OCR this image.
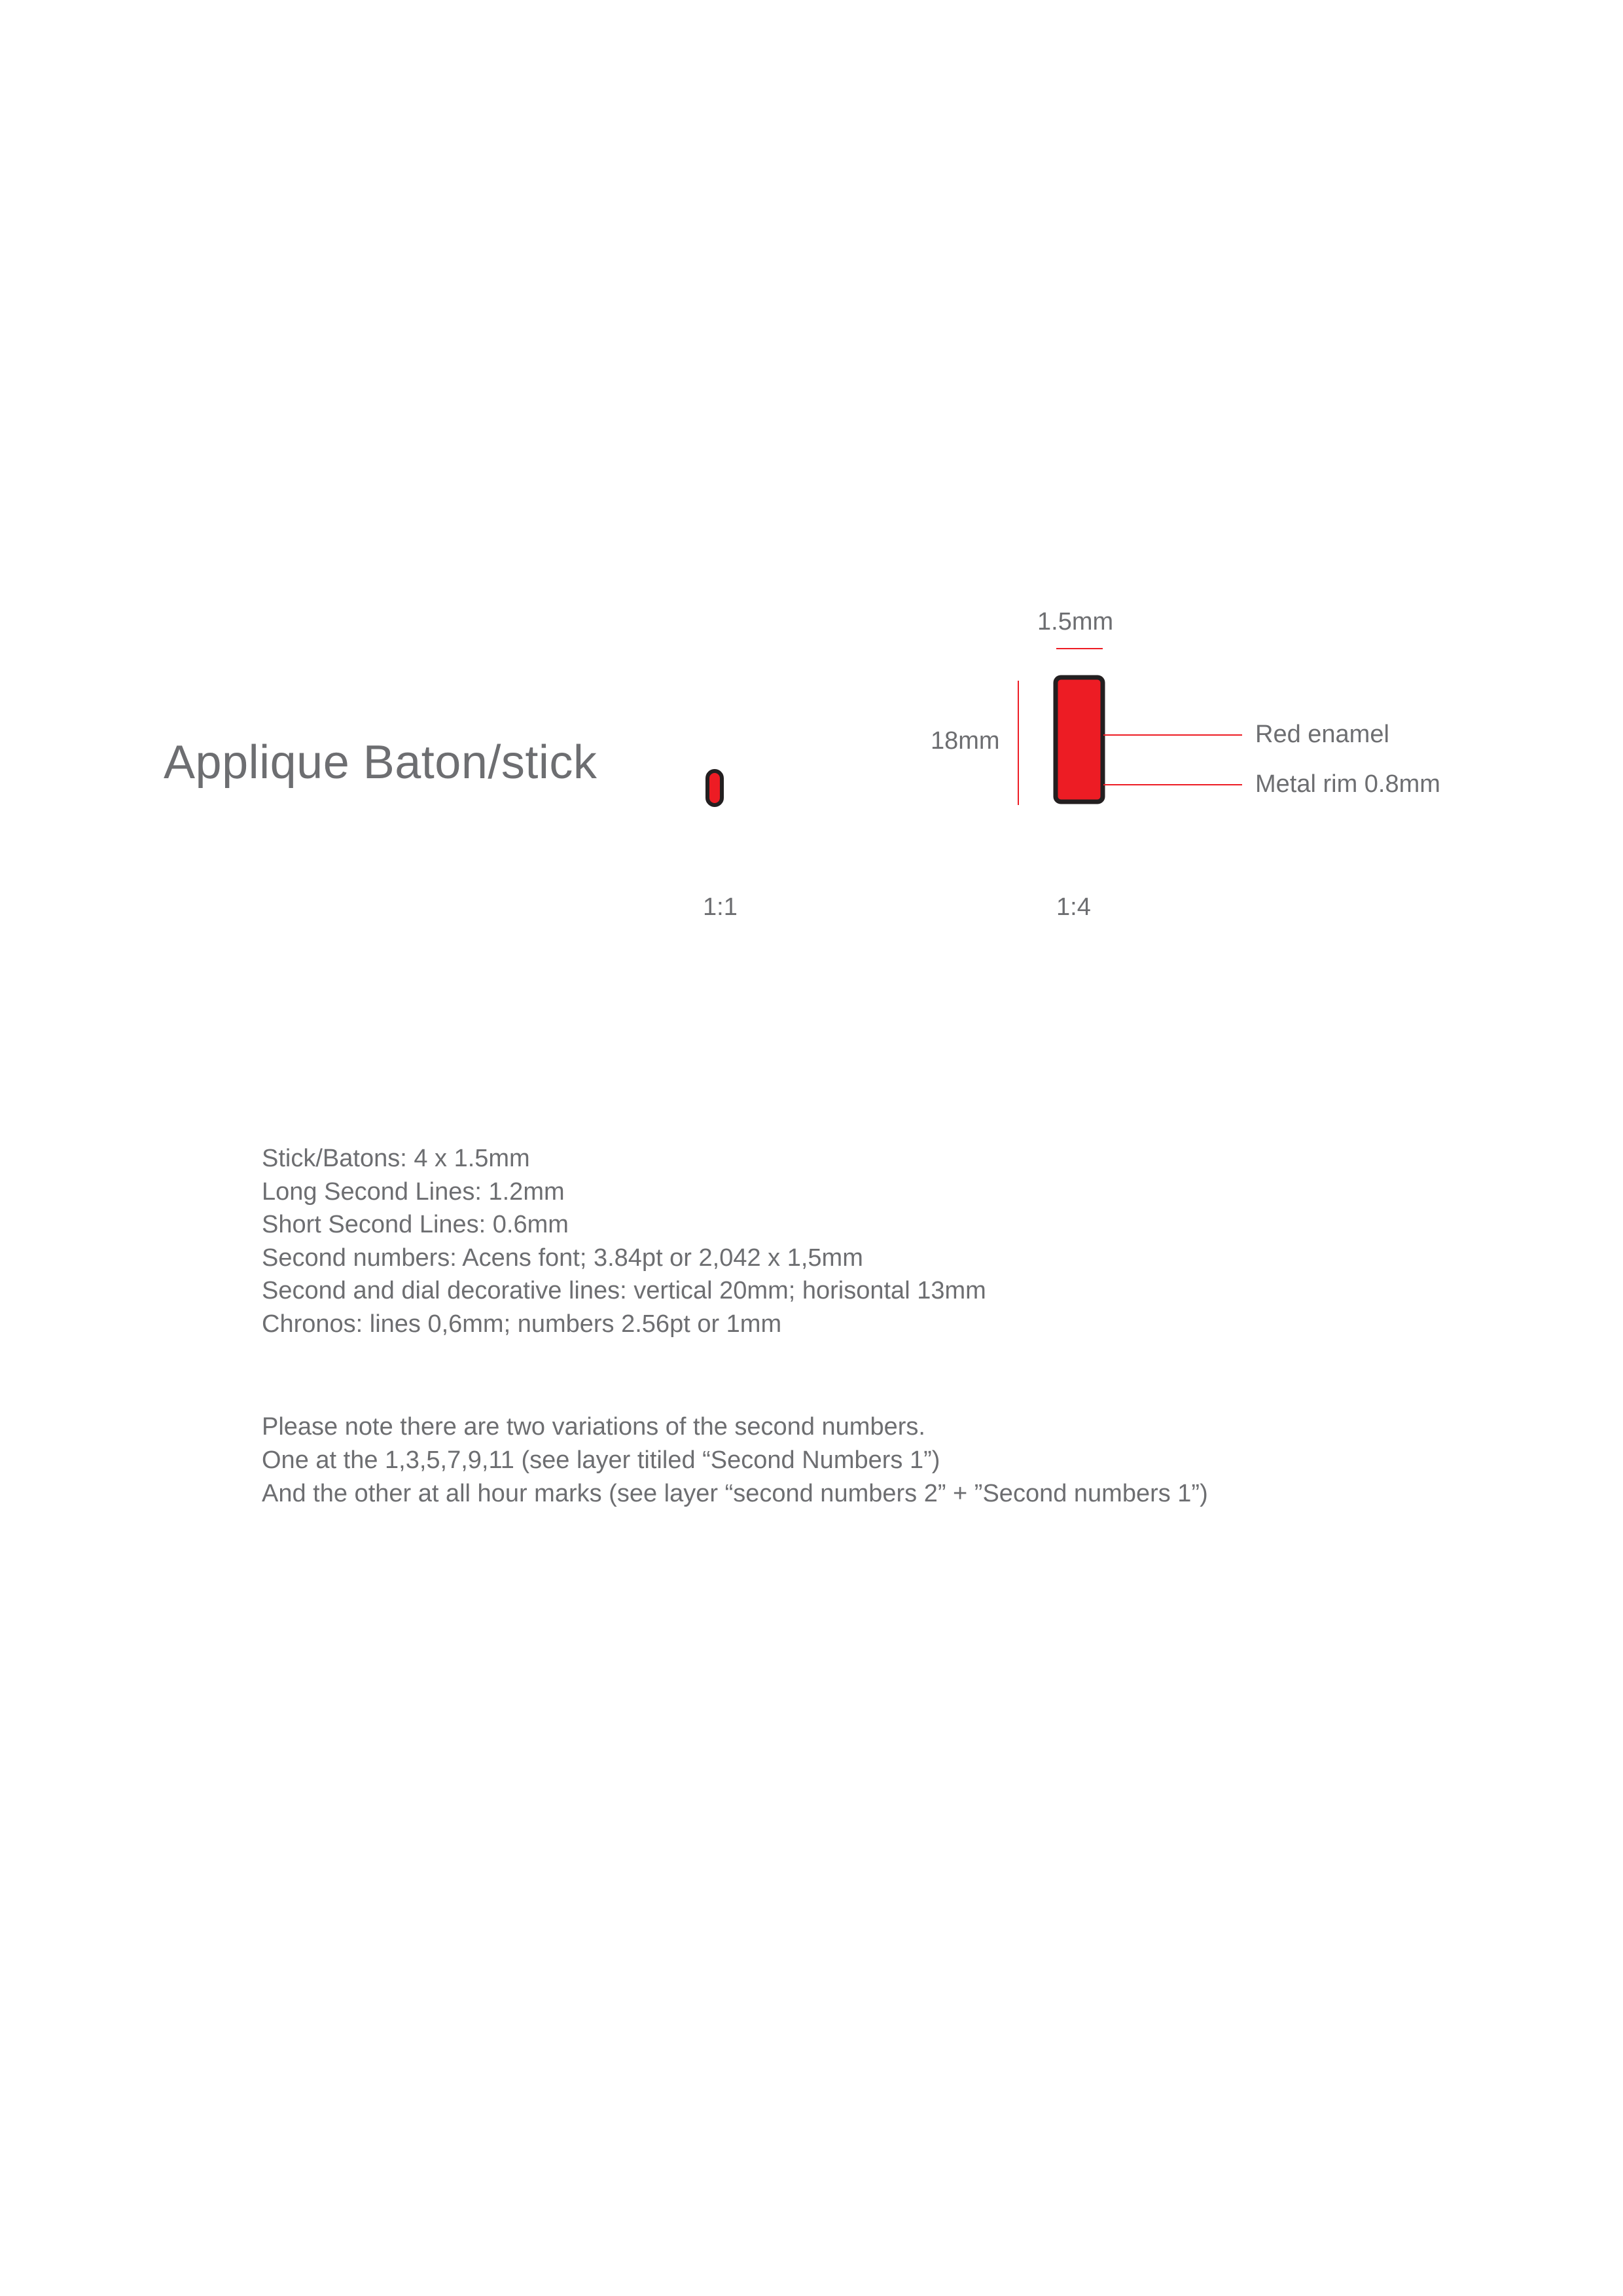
Applique Baton/stick
1.5mm
18mm	Red enamel
Metal rim 0.8mm
1:1	1:4
Stick/Batons: 4 x 1.5mm
Long Second Lines: 1.2mm
Short Second Lines: 0.6mm
Second numbers: Acens font; 3.84pt or 2,042 x 1,5mm
Second and dial decorative lines: vertical 20mm; horisontal 13mm
Chronos: lines 0,6mm; numbers 2.56pt or 1mm
Please note there are two variations of the second numbers.
One at the 1,3,5,7,9,11 (see layer titiled “Second Numbers 1”)
And the other at all hour marks (see layer “second numbers 2” + ”Second numbers 1”)
